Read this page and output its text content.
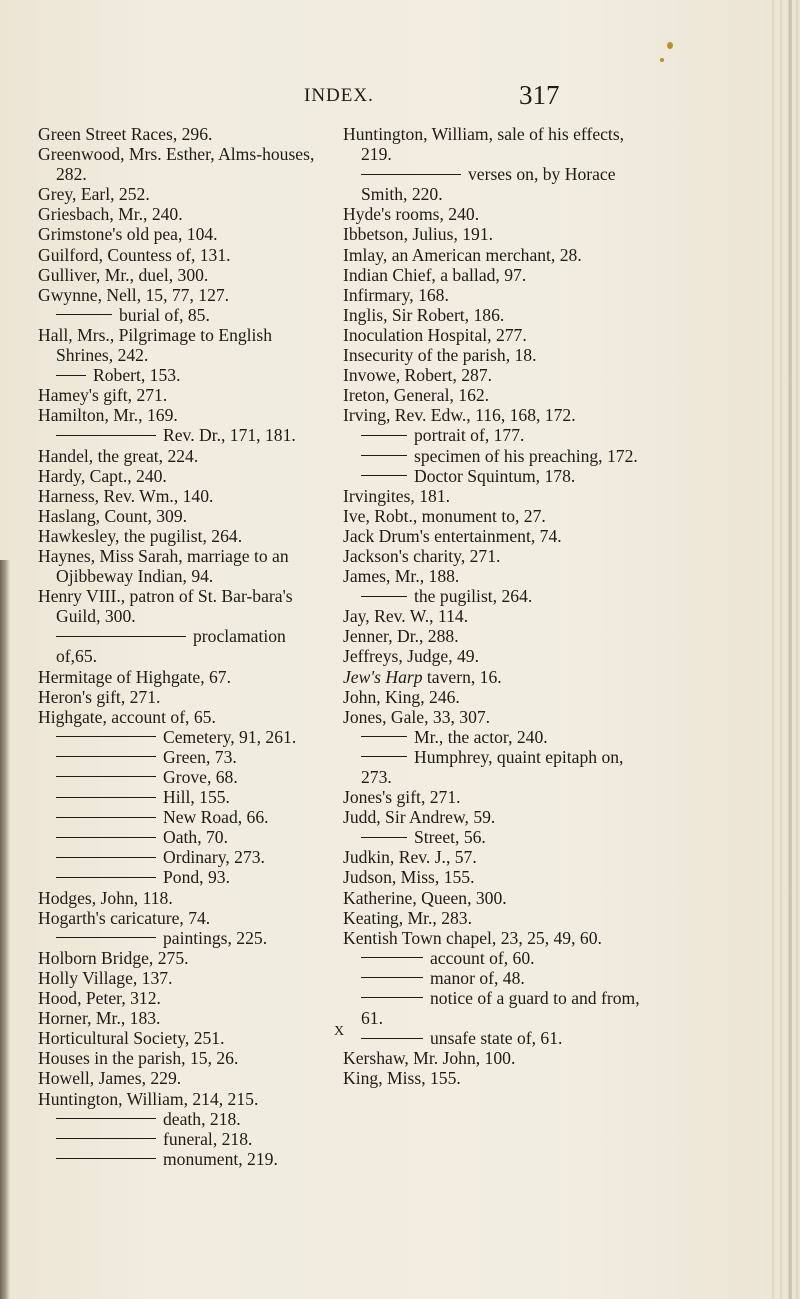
INDEX.	317

Green Street Races, 296.

Greenwood, Mrs. Esther, Alms-houses, 282.

Grey, Earl, 252.

Griesbach, Mr., 240.

Grimstone's old pea, 104.

Guilford, Countess of, 131.

Gulliver, Mr., duel, 300.

Gwynne, Nell, 15, 77, 127.

burial of, 85.

Hall, Mrs., Pilgrimage to English Shrines, 242.

Robert, 153.

Hamey's gift, 271.

Hamilton, Mr., 169.

Rev. Dr., 171, 181.

Handel, the great, 224.

Hardy, Capt., 240.

Harness, Rev. Wm., 140.

Haslang, Count, 309.

Hawkesley, the pugilist, 264.

Haynes, Miss Sarah, marriage to an Ojibbeway Indian, 94.

Henry VIII., patron of St. Bar-bara's Guild, 300.

proclamation of,65.

Hermitage of Highgate, 67.

Heron's gift, 271.

Highgate, account of, 65.

Cemetery, 91, 261.

Green, 73.

Grove, 68.

Hill, 155.

New Road, 66.

Oath, 70.

Ordinary, 273.

Pond, 93.

Hodges, John, 118.

Hogarth's caricature, 74.

paintings, 225.

Holborn Bridge, 275.

Holly Village, 137.

Hood, Peter, 312.

Horner, Mr., 183.

Horticultural Society, 251.

Houses in the parish, 15, 26.

Howell, James, 229.

Huntington, William, 214, 215.

death, 218.

funeral, 218.

monument, 219.

Huntington, William, sale of his effects, 219.

verses on, by Horace Smith, 220.

Hyde's rooms, 240.

Ibbetson, Julius, 191.

Imlay, an American merchant, 28.

Indian Chief, a ballad, 97.

Infirmary, 168.

Inglis, Sir Robert, 186.

Inoculation Hospital, 277.

Insecurity of the parish, 18.

Invowe, Robert, 287.

Ireton, General, 162.

Irving, Rev. Edw., 116, 168, 172.

portrait of, 177.

specimen of his preaching, 172.

Doctor Squintum, 178.

Irvingites, 181.

Ive, Robt., monument to, 27.

Jack Drum's entertainment, 74.

Jackson's charity, 271.

James, Mr., 188.

the pugilist, 264.

Jay, Rev. W., 114.

Jenner, Dr., 288.

Jeffreys, Judge, 49.

Jew's Harp tavern, 16.

John, King, 246.

Jones, Gale, 33, 307.

Mr., the actor, 240.

Humphrey, quaint epitaph on, 273.

Jones's gift, 271.

Judd, Sir Andrew, 59.

Street, 56.

Judkin, Rev. J., 57.

Judson, Miss, 155.

Katherine, Queen, 300.

Keating, Mr., 283.

Kentish Town chapel, 23, 25, 49, 60.

account of, 60.

manor of, 48.

notice of a guard to and from, 61.

unsafe state of, 61.

Kershaw, Mr. John, 100.

King, Miss, 155.

X
